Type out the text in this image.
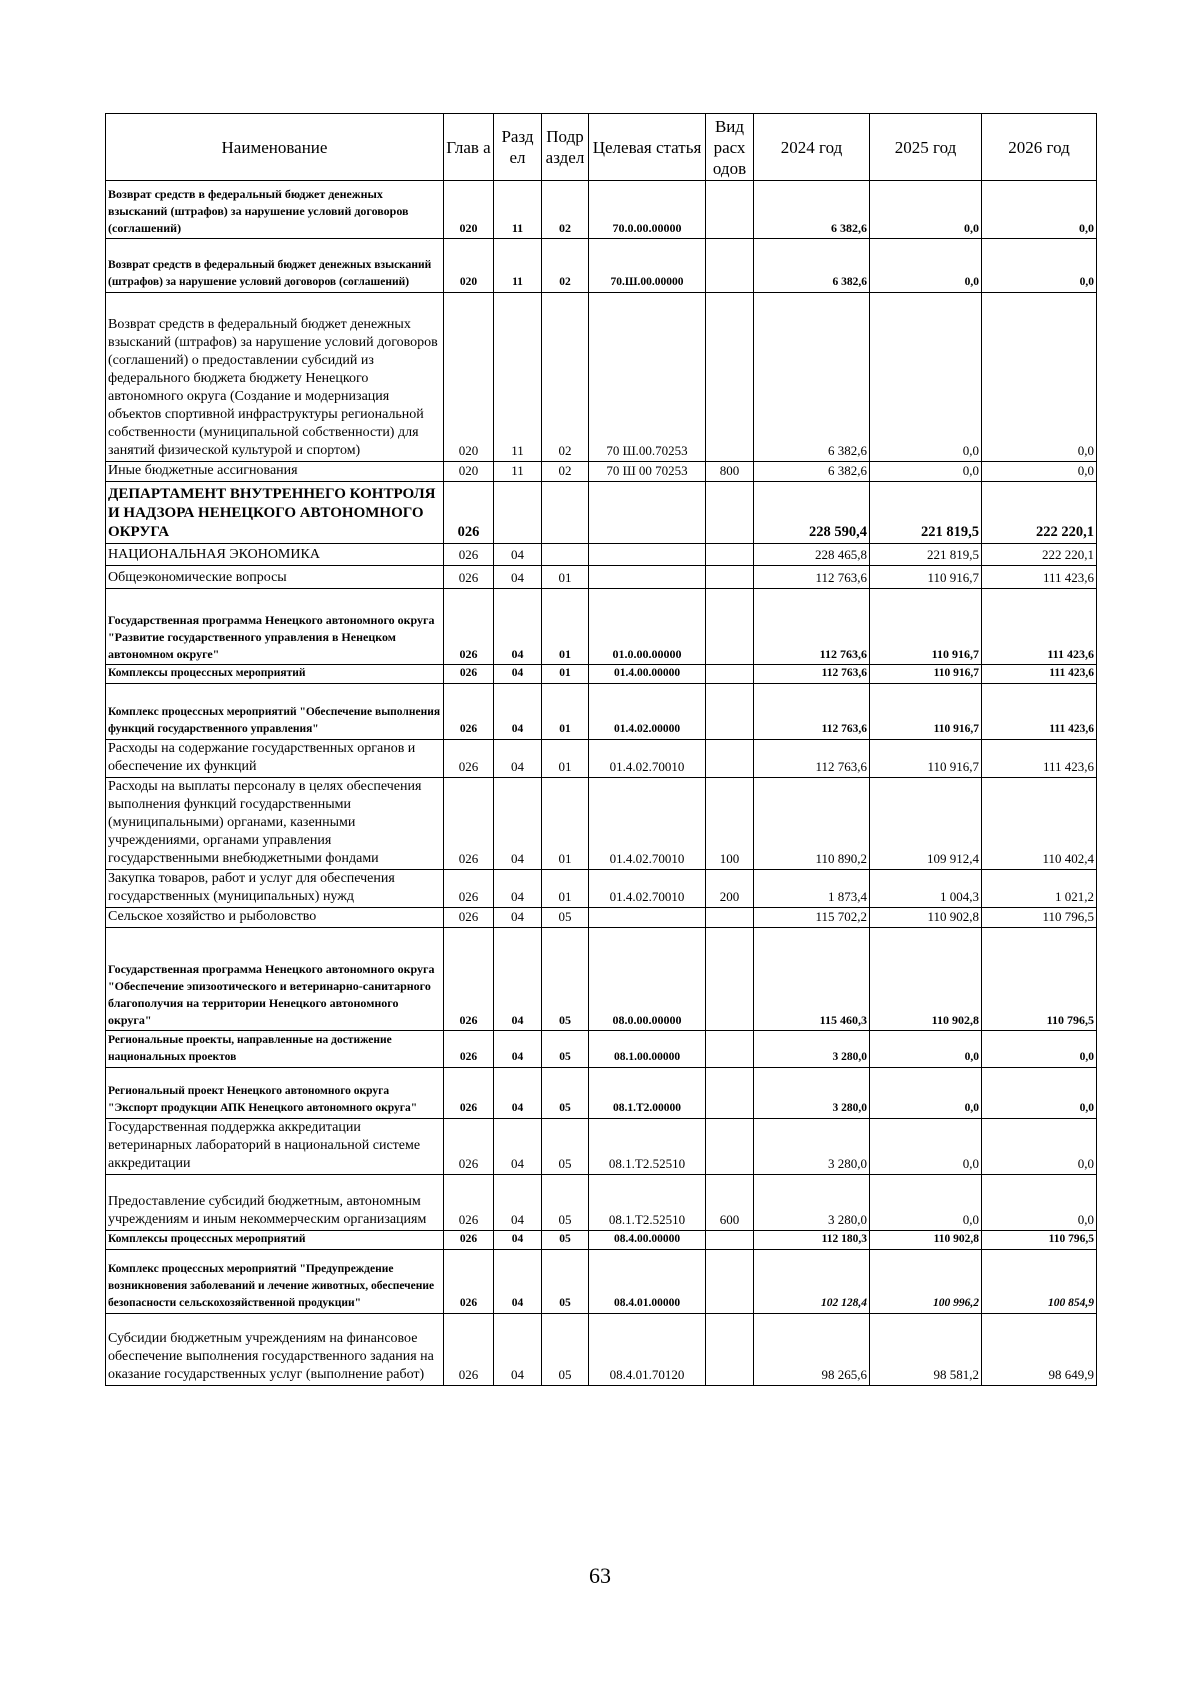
Наименование	Глав а	Разд ел	Подр аздел	Целевая статья	Вид расх одов	2024 год	2025 год	2026 год
Возврат средств в федеральный бюджет денежных взысканий (штрафов) за нарушение условий договоров (соглашений)	020	11	02	70.0.00.00000		6 382,6	0,0	0,0
Возврат средств в федеральный бюджет денежных взысканий (штрафов) за нарушение условий договоров (соглашений)	020	11	02	70.Ш.00.00000		6 382,6	0,0	0,0
Возврат средств в федеральный бюджет денежных взысканий (штрафов) за нарушение условий договоров (соглашений) о предоставлении субсидий из федерального бюджета бюджету Ненецкого автономного округа (Создание и модернизация объектов спортивной инфраструктуры региональной собственности (муниципальной собственности) для занятий физической культурой и спортом)	020	11	02	70 Ш.00.70253		6 382,6	0,0	0,0
Иные бюджетные ассигнования	020	11	02	70 Ш 00 70253	800	6 382,6	0,0	0,0
ДЕПАРТАМЕНТ ВНУТРЕННЕГО КОНТРОЛЯ И НАДЗОРА НЕНЕЦКОГО АВТОНОМНОГО ОКРУГА	026					228 590,4	221 819,5	222 220,1
НАЦИОНАЛЬНАЯ ЭКОНОМИКА	026	04				228 465,8	221 819,5	222 220,1
Общеэкономические вопросы	026	04	01			112 763,6	110 916,7	111 423,6
Государственная программа Ненецкого автономного округа "Развитие государственного управления в Ненецком автономном округе"	026	04	01	01.0.00.00000		112 763,6	110 916,7	111 423,6
Комплексы процессных мероприятий	026	04	01	01.4.00.00000		112 763,6	110 916,7	111 423,6
Комплекс процессных мероприятий "Обеспечение выполнения функций государственного управления"	026	04	01	01.4.02.00000		112 763,6	110 916,7	111 423,6
Расходы на содержание государственных органов и обеспечение их функций	026	04	01	01.4.02.70010		112 763,6	110 916,7	111 423,6
Расходы на выплаты персоналу в целях обеспечения выполнения функций государственными (муниципальными) органами, казенными учреждениями, органами управления государственными внебюджетными фондами	026	04	01	01.4.02.70010	100	110 890,2	109 912,4	110 402,4
Закупка товаров, работ и услуг для обеспечения государственных (муниципальных) нужд	026	04	01	01.4.02.70010	200	1 873,4	1 004,3	1 021,2
Сельское хозяйство и рыболовство	026	04	05			115 702,2	110 902,8	110 796,5
Государственная программа Ненецкого автономного округа "Обеспечение эпизоотического и ветеринарно-санитарного благополучия на территории Ненецкого автономного округа"	026	04	05	08.0.00.00000		115 460,3	110 902,8	110 796,5
Региональные проекты, направленные на достижение национальных проектов	026	04	05	08.1.00.00000		3 280,0	0,0	0,0
Региональный проект Ненецкого автономного округа "Экспорт продукции АПК Ненецкого автономного округа"	026	04	05	08.1.Т2.00000		3 280,0	0,0	0,0
Государственная поддержка аккредитации ветеринарных лабораторий в национальной системе аккредитации	026	04	05	08.1.Т2.52510		3 280,0	0,0	0,0
Предоставление субсидий бюджетным, автономным учреждениям и иным некоммерческим организациям	026	04	05	08.1.Т2.52510	600	3 280,0	0,0	0,0
Комплексы процессных мероприятий	026	04	05	08.4.00.00000		112 180,3	110 902,8	110 796,5
Комплекс процессных мероприятий "Предупреждение возникновения заболеваний и лечение животных, обеспечение безопасности сельскохозяйственной продукции"	026	04	05	08.4.01.00000		102 128,4	100 996,2	100 854,9
Субсидии бюджетным учреждениям на финансовое обеспечение выполнения государственного задания на оказание государственных услуг (выполнение работ)	026	04	05	08.4.01.70120		98 265,6	98 581,2	98 649,9
63
